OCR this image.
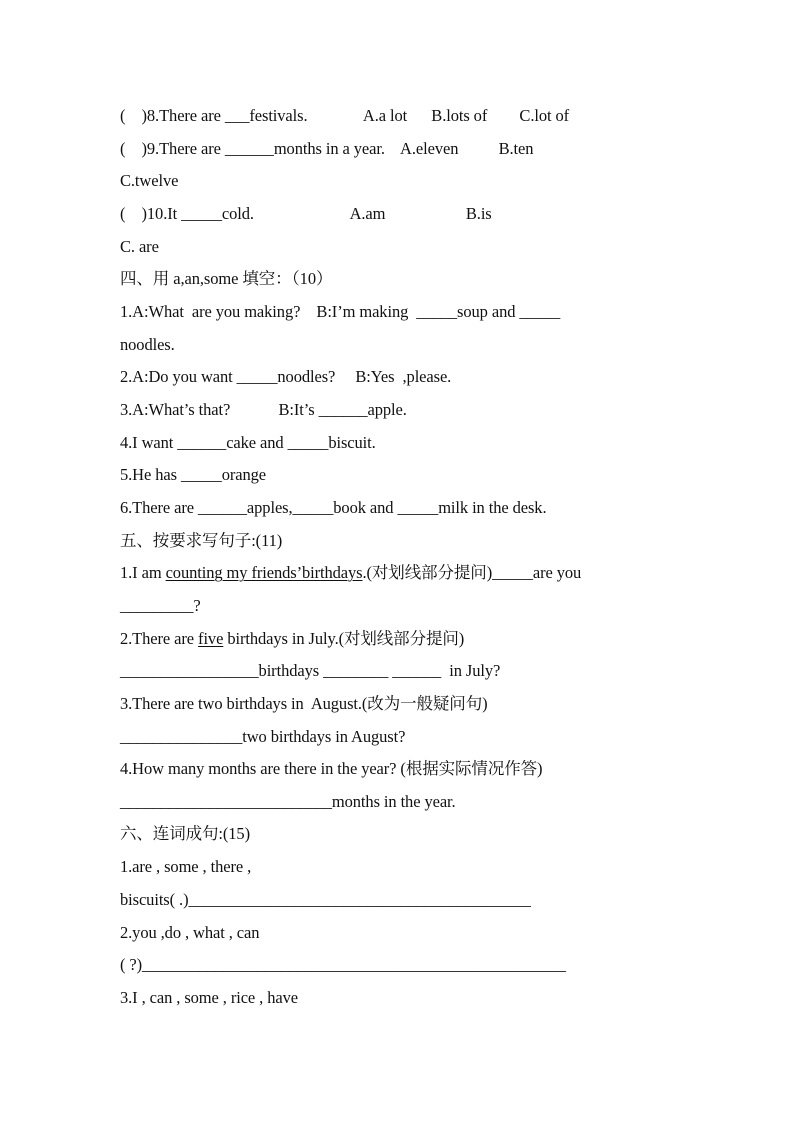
(    )8.There are ___festivals.              A.a lot      B.lots of        C.lot of
(    )9.There are ______months in a year.    A.eleven          B.ten
C.twelve
(    )10.It _____cold.                        A.am                    B.is
C. are
四、用 a,an,some 填空：（10）
1.A:What  are you making?    B:I’m making  _____soup and _____
noodles.
2.A:Do you want _____noodles?     B:Yes  ,please.
3.A:What’s that?            B:It’s ______apple.
4.I want ______cake and _____biscuit.
5.He has _____orange
6.There are ______apples,_____book and _____milk in the desk.
五、按要求写句子:(11)
1.I am counting my friends’birthdays.(对划线部分提问)_____are you
_________?
2.There are five birthdays in July.(对划线部分提问)
_________________birthdays ________ ______  in July?
3.There are two birthdays in  August.(改为一般疑问句)
_______________two birthdays in August?
4.How many months are there in the year? (根据实际情况作答)
__________________________months in the year.
六、连词成句:(15)
1.are , some , there ,
biscuits( .)__________________________________________
2.you ,do , what , can
( ?)____________________________________________________
3.I , can , some , rice , have
